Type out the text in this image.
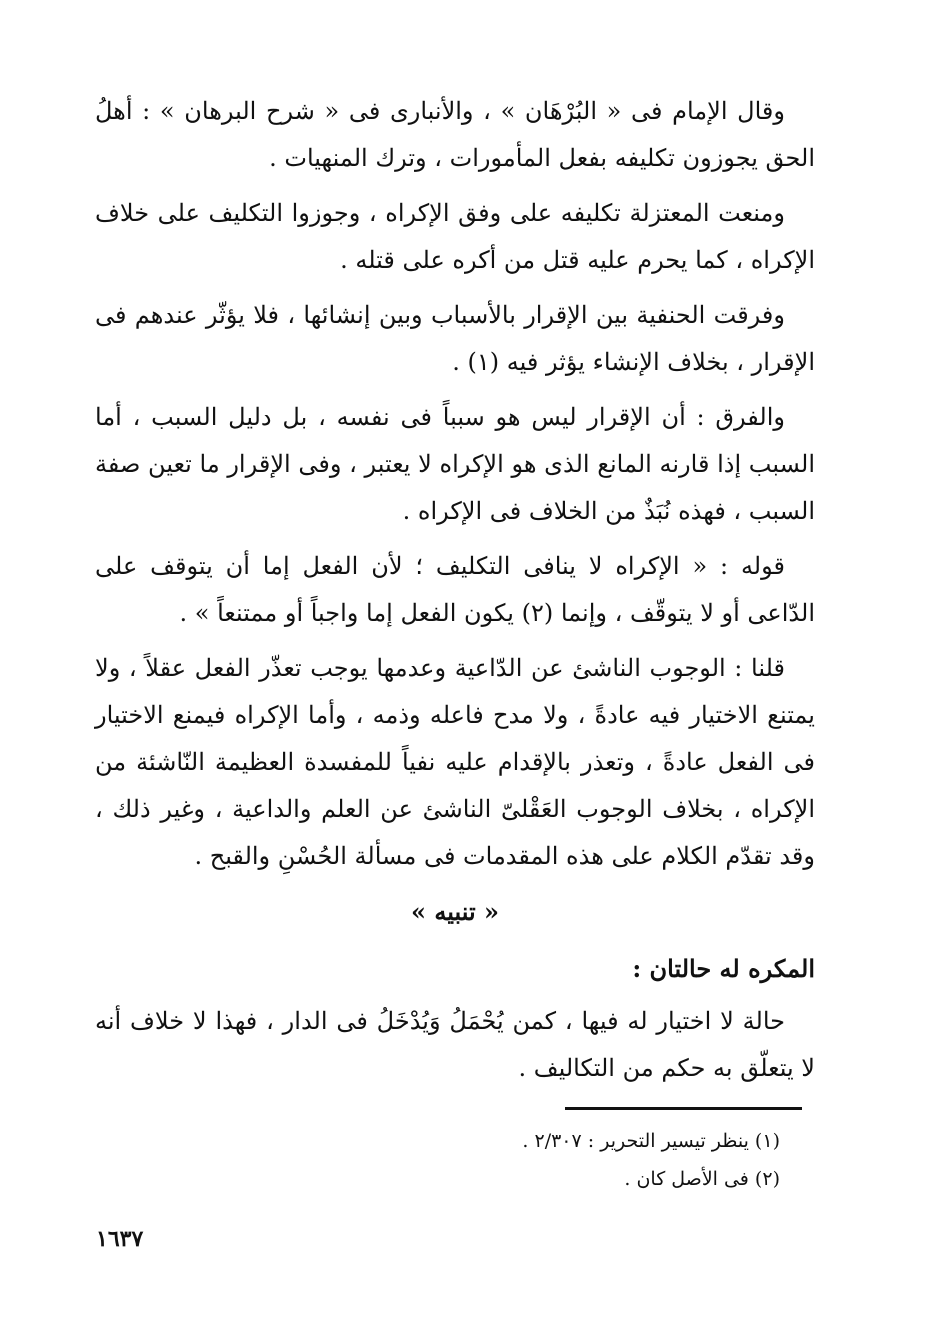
وقال الإمام فى « البُرْهَان » ، والأنبارى فى « شرح البرهان » : أهلُ الحق يجوزون تكليفه بفعل المأمورات ، وترك المنهيات .

ومنعت المعتزلة تكليفه على وفق الإكراه ، وجوزوا التكليف على خلاف الإكراه ، كما يحرم عليه قتل من أكره على قتله .

وفرقت الحنفية بين الإقرار بالأسباب وبين إنشائها ، فلا يؤثّر عندهم فى الإقرار ، بخلاف الإنشاء يؤثر فيه (١) .

والفرق : أن الإقرار ليس هو سبباً فى نفسه ، بل دليل السبب ، أما السبب إذا قارنه المانع الذى هو الإكراه لا يعتبر ، وفى الإقرار ما تعين صفة السبب ، فهذه نُبَذٌ من الخلاف فى الإكراه .

قوله : « الإكراه لا ينافى التكليف ؛ لأن الفعل إما أن يتوقف على الدّاعى أو لا يتوقّف ، وإنما (٢) يكون الفعل إما واجباً أو ممتنعاً » .

قلنا : الوجوب الناشئ عن الدّاعية وعدمها يوجب تعذّر الفعل عقلاً ، ولا يمتنع الاختيار فيه عادةً ، ولا مدح فاعله وذمه ، وأما الإكراه فيمنع الاختيار فى الفعل عادةً ، وتعذر بالإقدام عليه نفياً للمفسدة العظيمة النّاشئة من الإكراه ، بخلاف الوجوب العَقْلىّ الناشئ عن العلم والداعية ، وغير ذلك ، وقد تقدّم الكلام على هذه المقدمات فى مسألة الحُسْنِ والقبح .

« تنبيه »
المكره له حالتان :

حالة لا اختيار له فيها ، كمن يُحْمَلُ وَيُدْخَلُ فى الدار ، فهذا لا خلاف أنه لا يتعلّق به حكم من التكاليف .

(١) ينظر تيسير التحرير : ٢/٣٠٧ .

(٢) فى الأصل كان .

١٦٣٧
